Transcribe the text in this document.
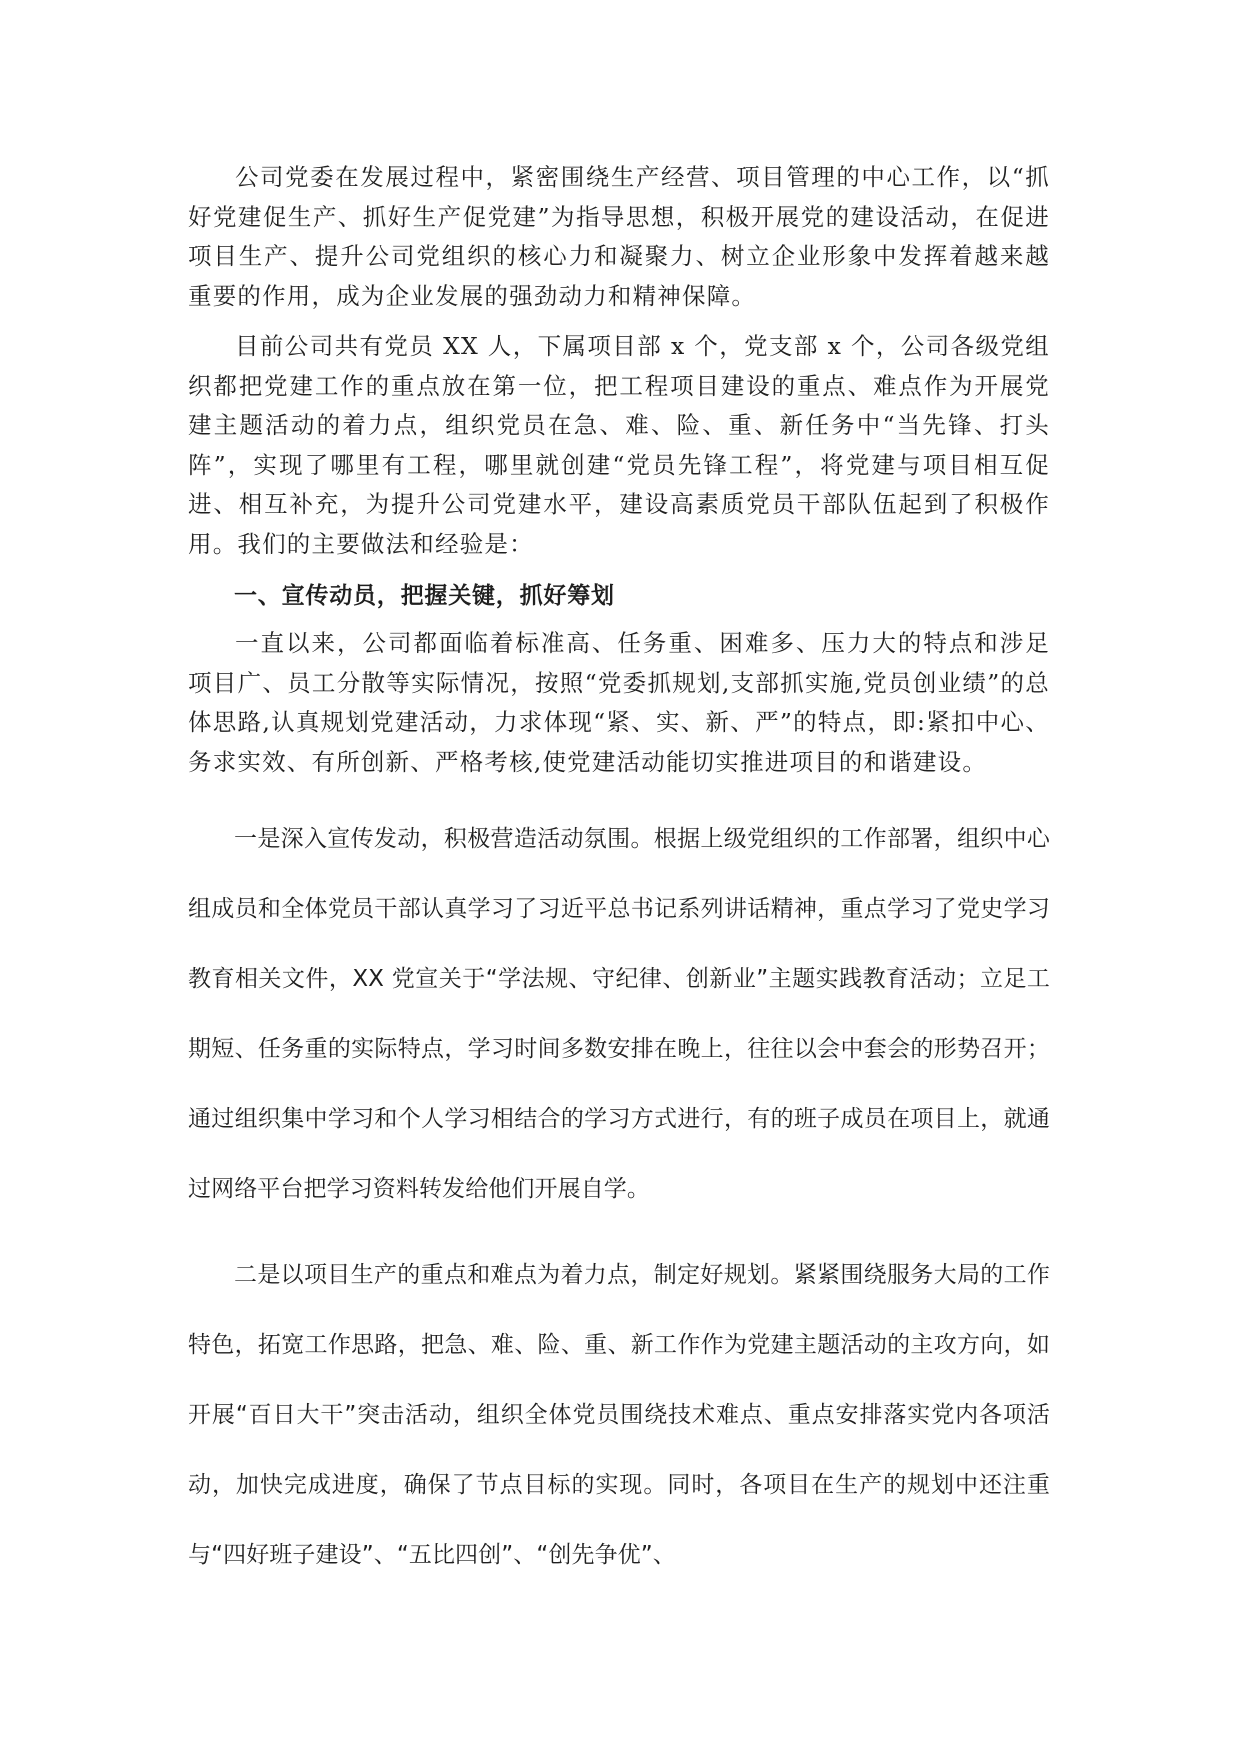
公司党委在发展过程中，紧密围绕生产经营、项目管理的中心工作，以“抓好党建促生产、抓好生产促党建”为指导思想，积极开展党的建设活动，在促进项目生产、提升公司党组织的核心力和凝聚力、树立企业形象中发挥着越来越重要的作用，成为企业发展的强劲动力和精神保障。

目前公司共有党员 XX 人，下属项目部 x 个，党支部 x 个，公司各级党组织都把党建工作的重点放在第一位，把工程项目建设的重点、难点作为开展党建主题活动的着力点，组织党员在急、难、险、重、新任务中“当先锋、打头阵”，实现了哪里有工程，哪里就创建“党员先锋工程”，将党建与项目相互促进、相互补充，为提升公司党建水平，建设高素质党员干部队伍起到了积极作用。我们的主要做法和经验是：

一、宣传动员，把握关键，抓好筹划

一直以来，公司都面临着标准高、任务重、困难多、压力大的特点和涉足项目广、员工分散等实际情况，按照“党委抓规划,支部抓实施,党员创业绩”的总体思路,认真规划党建活动，力求体现“紧、实、新、严”的特点，即:紧扣中心、务求实效、有所创新、严格考核,使党建活动能切实推进项目的和谐建设。

一是深入宣传发动，积极营造活动氛围。根据上级党组织的工作部署，组织中心组成员和全体党员干部认真学习了习近平总书记系列讲话精神，重点学习了党史学习教育相关文件，XX 党宣关于“学法规、守纪律、创新业”主题实践教育活动；立足工期短、任务重的实际特点，学习时间多数安排在晚上，往往以会中套会的形势召开；通过组织集中学习和个人学习相结合的学习方式进行，有的班子成员在项目上，就通过网络平台把学习资料转发给他们开展自学。

二是以项目生产的重点和难点为着力点，制定好规划。紧紧围绕服务大局的工作特色，拓宽工作思路，把急、难、险、重、新工作作为党建主题活动的主攻方向，如开展“百日大干”突击活动，组织全体党员围绕技术难点、重点安排落实党内各项活动，加快完成进度，确保了节点目标的实现。同时，各项目在生产的规划中还注重与“四好班子建设”、“五比四创”、“创先争优”、
